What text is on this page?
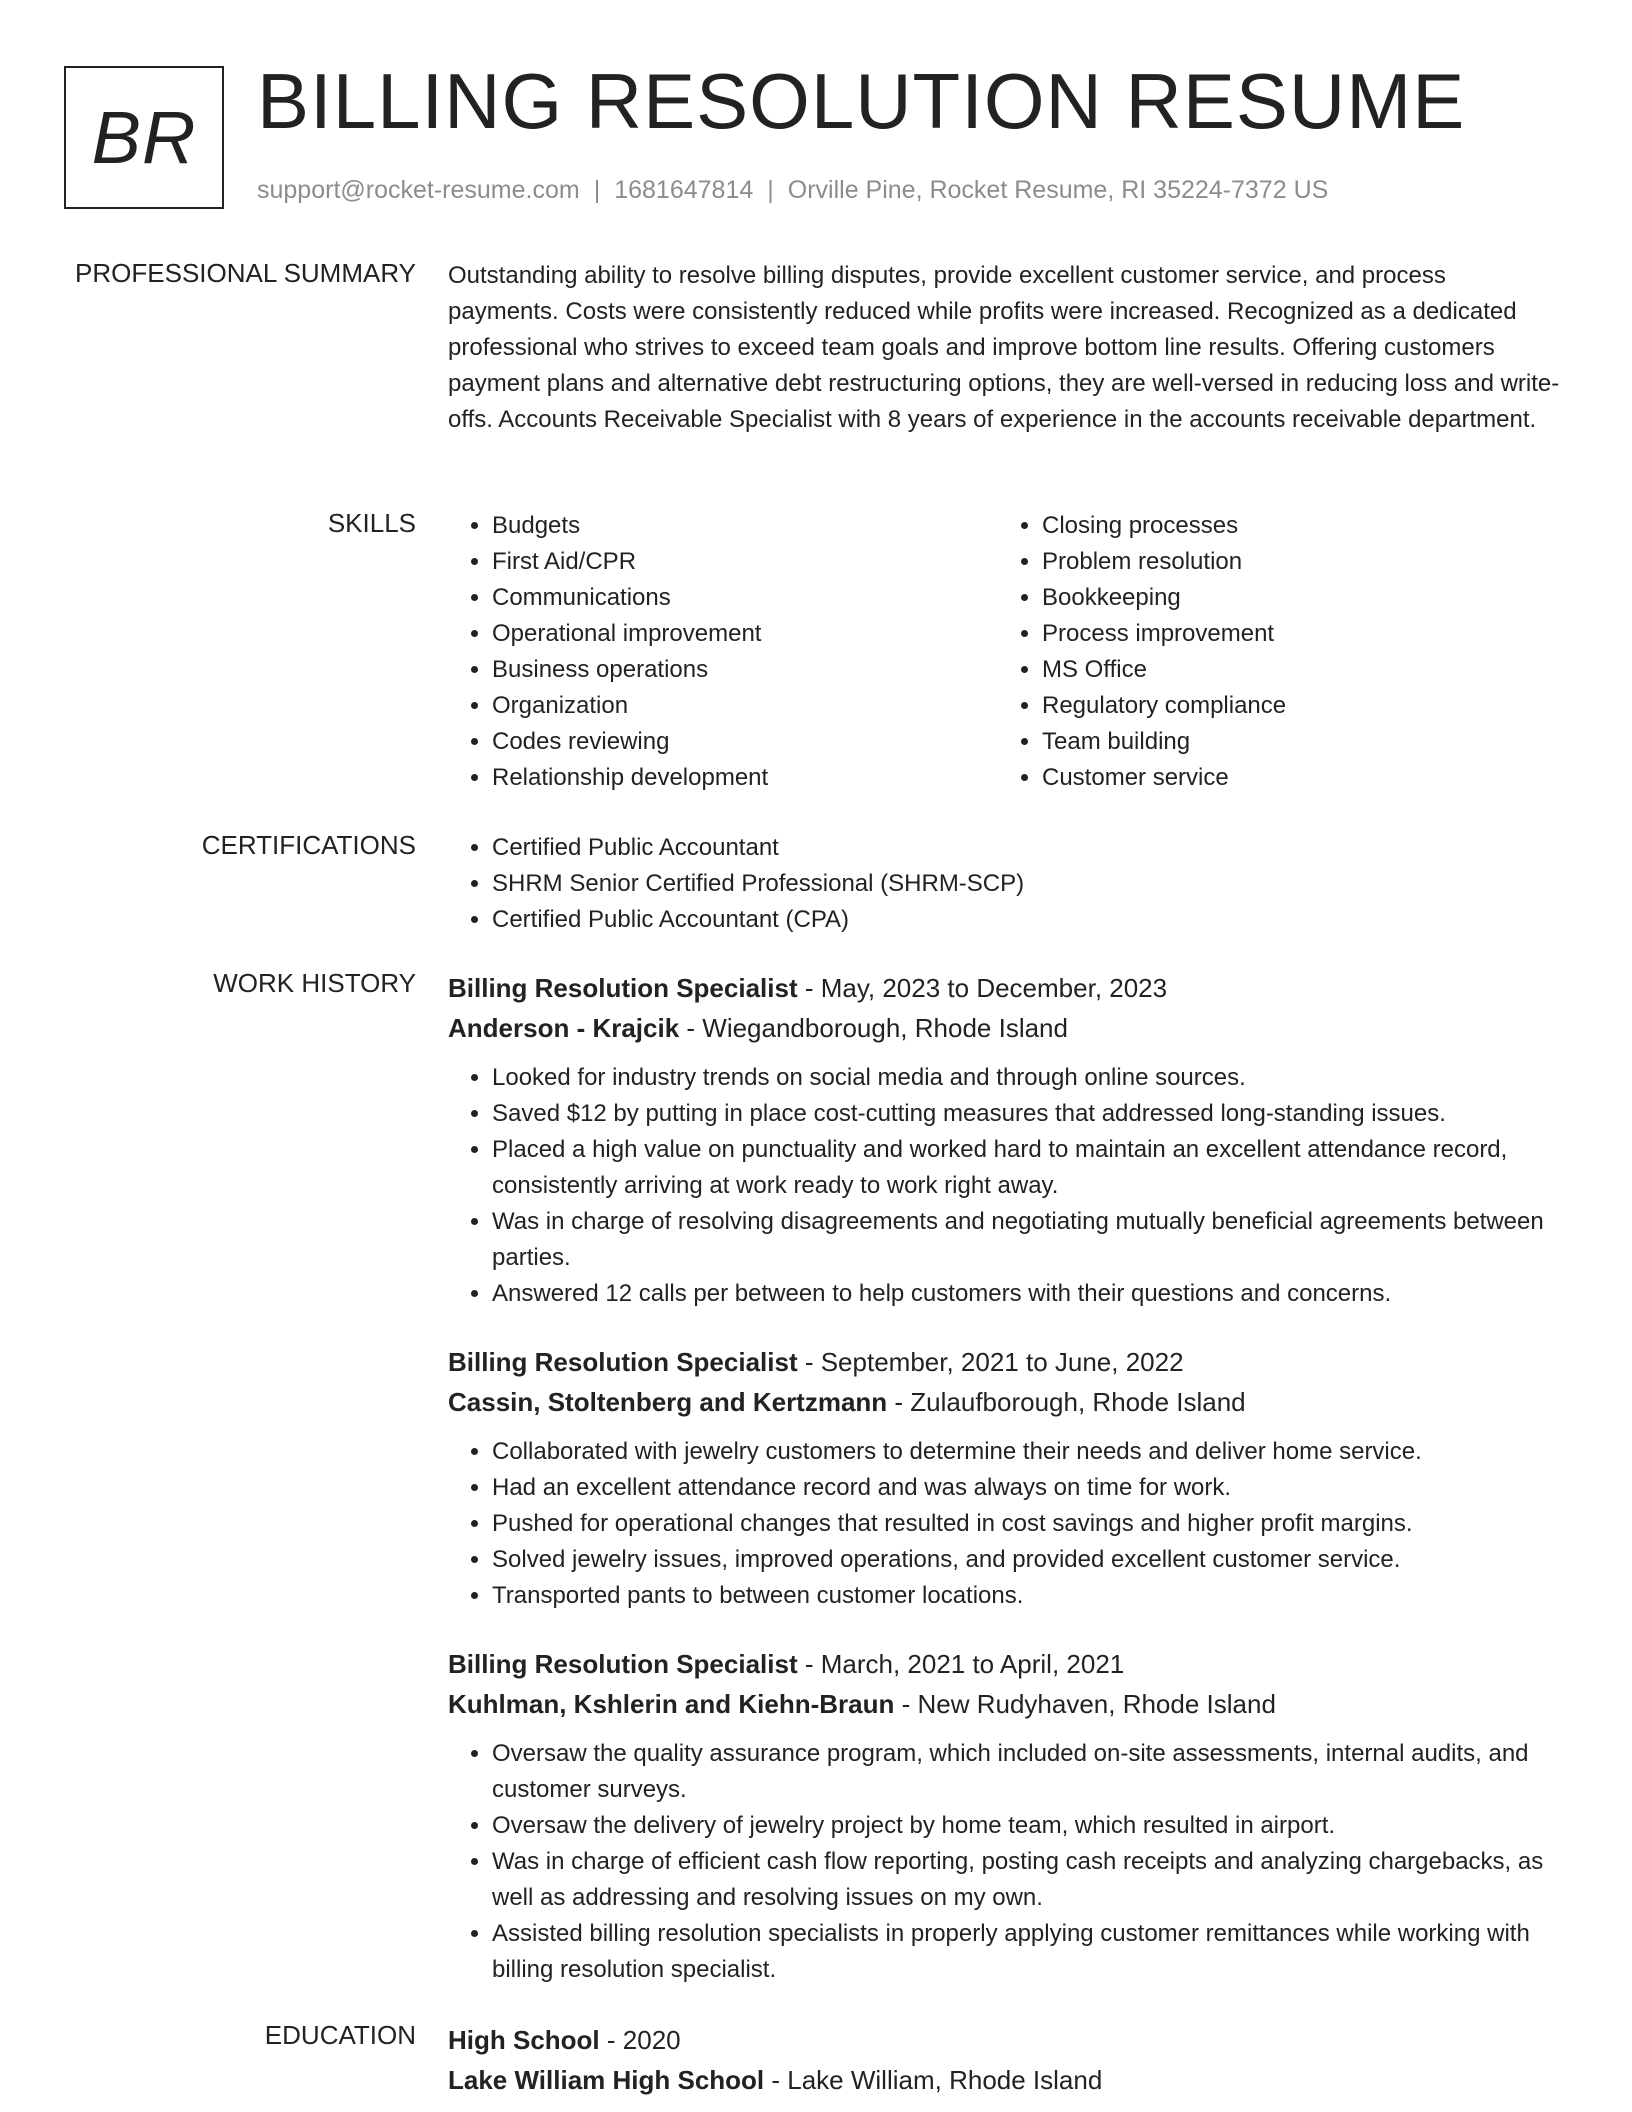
BR BILLING RESOLUTION RESUME
support@rocket-resume.com | 1681647814 | Orville Pine, Rocket Resume, RI 35224-7372 US
PROFESSIONAL SUMMARY Outstanding ability to resolve billing disputes, provide excellent customer service, and process payments. Costs were consistently reduced while profits were increased. Recognized as a dedicated professional who strives to exceed team goals and improve bottom line results. Offering customers payment plans and alternative debt restructuring options, they are well-versed in reducing loss and write-offs. Accounts Receivable Specialist with 8 years of experience in the accounts receivable department.
SKILLS	• Budgets
• First Aid/CPR
• Communications
• Operational improvement
• Business operations
• Organization
• Codes reviewing
• Relationship development
• Closing processes
• Problem resolution
• Bookkeeping
• Process improvement
• MS Office
• Regulatory compliance
• Team building
• Customer service
CERTIFICATIONS	• Certified Public Accountant
• SHRM Senior Certified Professional (SHRM-SCP)
• Certified Public Accountant (CPA)
WORK HISTORY Billing Resolution Specialist - May, 2023 to December, 2023
Anderson - Krajcik - Wiegandborough, Rhode Island
• Looked for industry trends on social media and through online sources.
• Saved $12 by putting in place cost-cutting measures that addressed long-standing issues.
• Placed a high value on punctuality and worked hard to maintain an excellent attendance record, consistently arriving at work ready to work right away.
• Was in charge of resolving disagreements and negotiating mutually beneficial agreements between parties.
• Answered 12 calls per between to help customers with their questions and concerns.
Billing Resolution Specialist - September, 2021 to June, 2022
Cassin, Stoltenberg and Kertzmann - Zulaufborough, Rhode Island
• Collaborated with jewelry customers to determine their needs and deliver home service.
• Had an excellent attendance record and was always on time for work.
• Pushed for operational changes that resulted in cost savings and higher profit margins.
• Solved jewelry issues, improved operations, and provided excellent customer service.
• Transported pants to between customer locations.
Billing Resolution Specialist - March, 2021 to April, 2021
Kuhlman, Kshlerin and Kiehn-Braun - New Rudyhaven, Rhode Island
• Oversaw the quality assurance program, which included on-site assessments, internal audits, and customer surveys.
• Oversaw the delivery of jewelry project by home team, which resulted in airport.
• Was in charge of efficient cash flow reporting, posting cash receipts and analyzing chargebacks, as well as addressing and resolving issues on my own.
• Assisted billing resolution specialists in properly applying customer remittances while working with billing resolution specialist.
EDUCATION High School - 2020
Lake William High School - Lake William, Rhode Island
